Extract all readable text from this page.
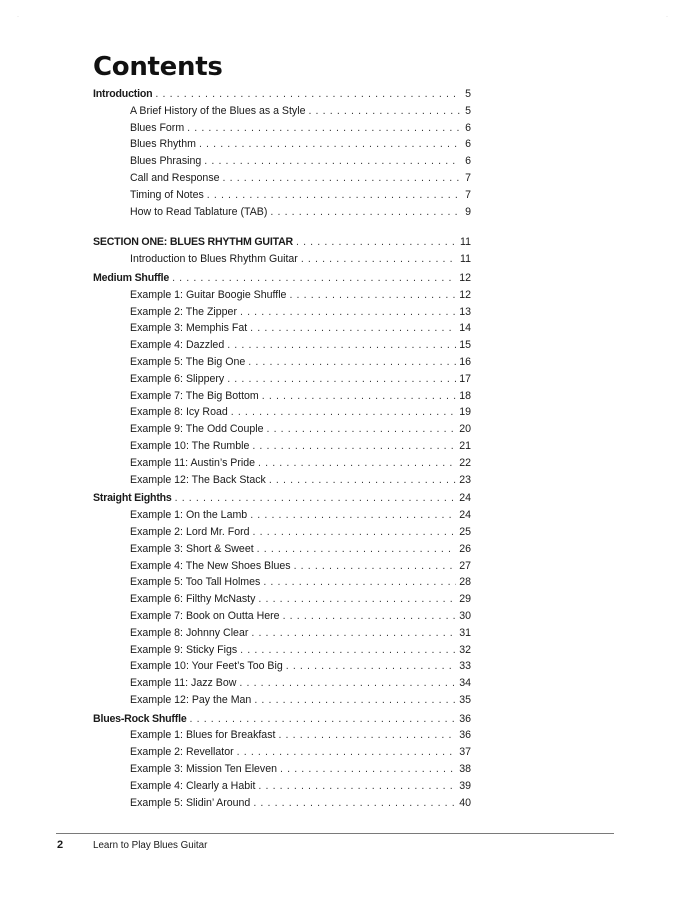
·	·
Contents
Introduction . . .	5
A Brief History of the Blues as a Style . . .	5
Blues Form . . .	6
Blues Rhythm . . .	6
Blues Phrasing . . .	6
Call and Response . . .	7
Timing of Notes . . .	7
How to Read Tablature (TAB) . . .	9
SECTION ONE: BLUES RHYTHM GUITAR . . .	11
Introduction to Blues Rhythm Guitar . . .	11
Medium Shuffle . . .	12
Example 1: Guitar Boogie Shuffle . . .	12
Example 2: The Zipper . . .	13
Example 3: Memphis Fat . . .	14
Example 4: Dazzled . . .	15
Example 5: The Big One . . .	16
Example 6: Slippery . . .	17
Example 7: The Big Bottom . . .	18
Example 8: Icy Road . . .	19
Example 9: The Odd Couple . . .	20
Example 10: The Rumble . . .	21
Example 11: Austin’s Pride . . .	22
Example 12: The Back Stack . . .	23
Straight Eighths . . .	24
Example 1: On the Lamb . . .	24
Example 2: Lord Mr. Ford . . .	25
Example 3: Short & Sweet . . .	26
Example 4: The New Shoes Blues . . .	27
Example 5: Too Tall Holmes . . .	28
Example 6: Filthy McNasty . . .	29
Example 7: Book on Outta Here . . .	30
Example 8: Johnny Clear . . .	31
Example 9: Sticky Figs . . .	32
Example 10: Your Feet’s Too Big . . .	33
Example 11: Jazz Bow . . .	34
Example 12: Pay the Man . . .	35
Blues-Rock Shuffle . . .	36
Example 1: Blues for Breakfast . . .	36
Example 2: Revellator . . .	37
Example 3: Mission Ten Eleven . . .	38
Example 4: Clearly a Habit . . .	39
Example 5: Slidin’ Around . . .	40
2	Learn to Play Blues Guitar
